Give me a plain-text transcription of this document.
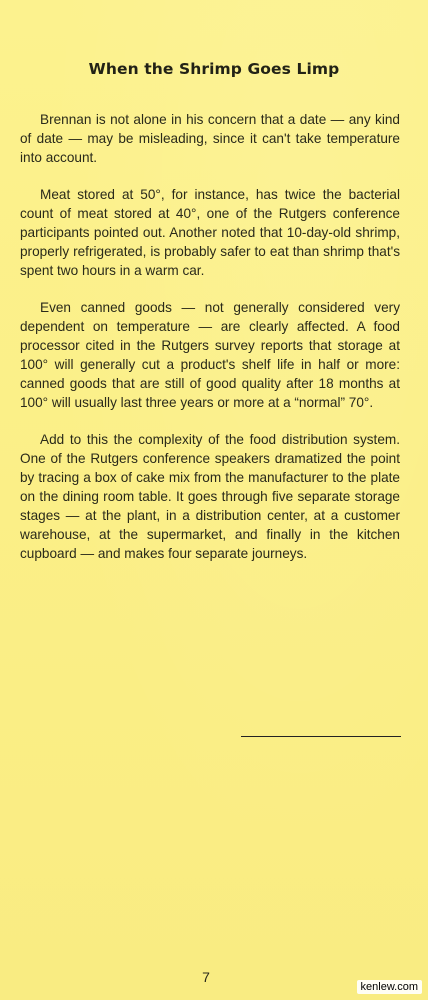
When the Shrimp Goes Limp

Brennan is not alone in his concern that a date — any kind of date — may be misleading, since it can't take temperature into account.

Meat stored at 50°, for instance, has twice the bacterial count of meat stored at 40°, one of the Rutgers conference participants pointed out. Another noted that 10-day-old shrimp, properly refrigerated, is probably safer to eat than shrimp that's spent two hours in a warm car.

Even canned goods — not generally considered very dependent on temperature — are clearly affected. A food processor cited in the Rutgers survey reports that storage at 100° will generally cut a product's shelf life in half or more: canned goods that are still of good quality after 18 months at 100° will usually last three years or more at a “normal” 70°.

Add to this the complexity of the food distribution system. One of the Rutgers conference speakers dramatized the point by tracing a box of cake mix from the manufacturer to the plate on the dining room table. It goes through five separate storage stages — at the plant, in a distribution center, at a customer warehouse, at the supermarket, and finally in the kitchen cupboard — and makes four separate journeys.

7
kenlew.com
